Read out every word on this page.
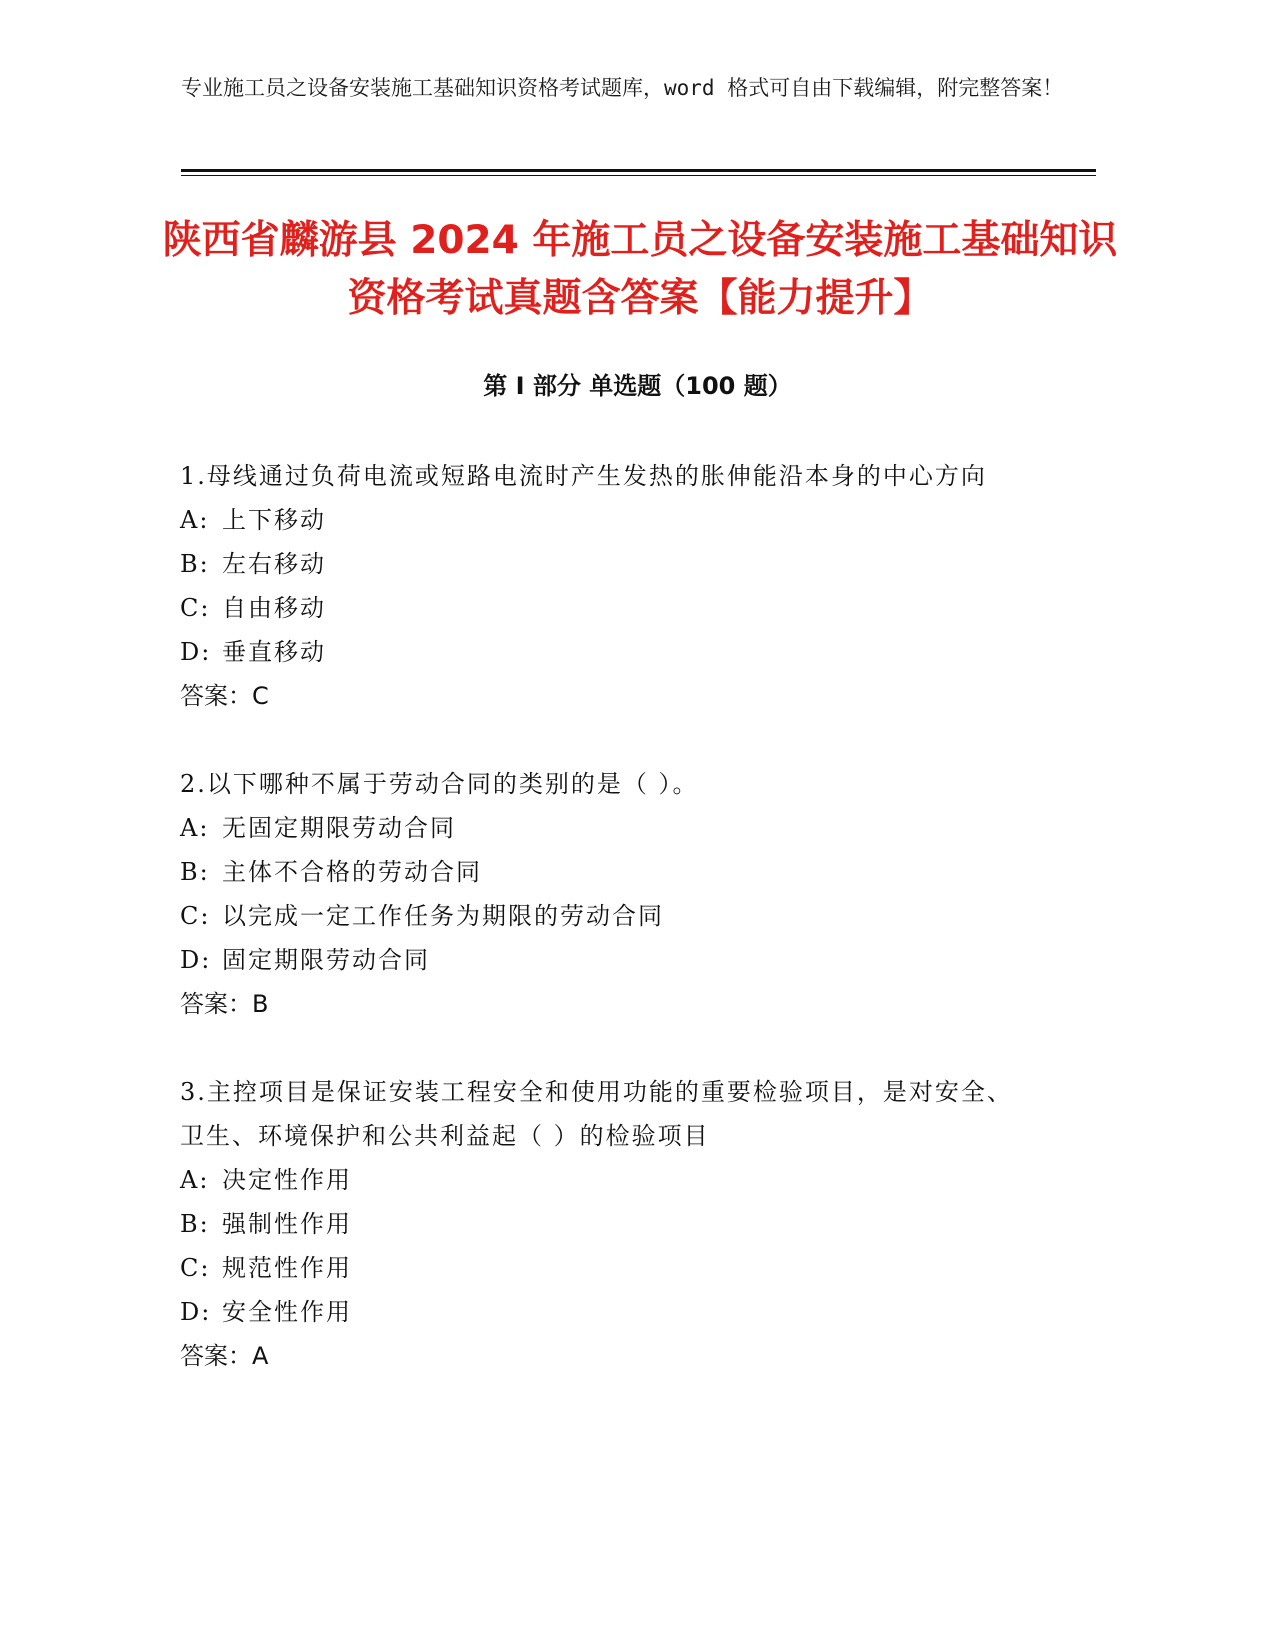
专业施工员之设备安装施工基础知识资格考试题库，word 格式可自由下载编辑，附完整答案！

陕西省麟游县 2024 年施工员之设备安装施工基础知识资格考试真题含答案【能力提升】
第 I 部分 单选题（100 题）

1.母线通过负荷电流或短路电流时产生发热的胀伸能沿本身的中心方向

A: 上下移动

B: 左右移动

C: 自由移动

D: 垂直移动

答案：C

2.以下哪种不属于劳动合同的类别的是（ ）。

A: 无固定期限劳动合同

B: 主体不合格的劳动合同

C: 以完成一定工作任务为期限的劳动合同

D: 固定期限劳动合同

答案：B

3.主控项目是保证安装工程安全和使用功能的重要检验项目，是对安全、卫生、环境保护和公共利益起（ ）的检验项目

A: 决定性作用

B: 强制性作用

C: 规范性作用

D: 安全性作用

答案：A
